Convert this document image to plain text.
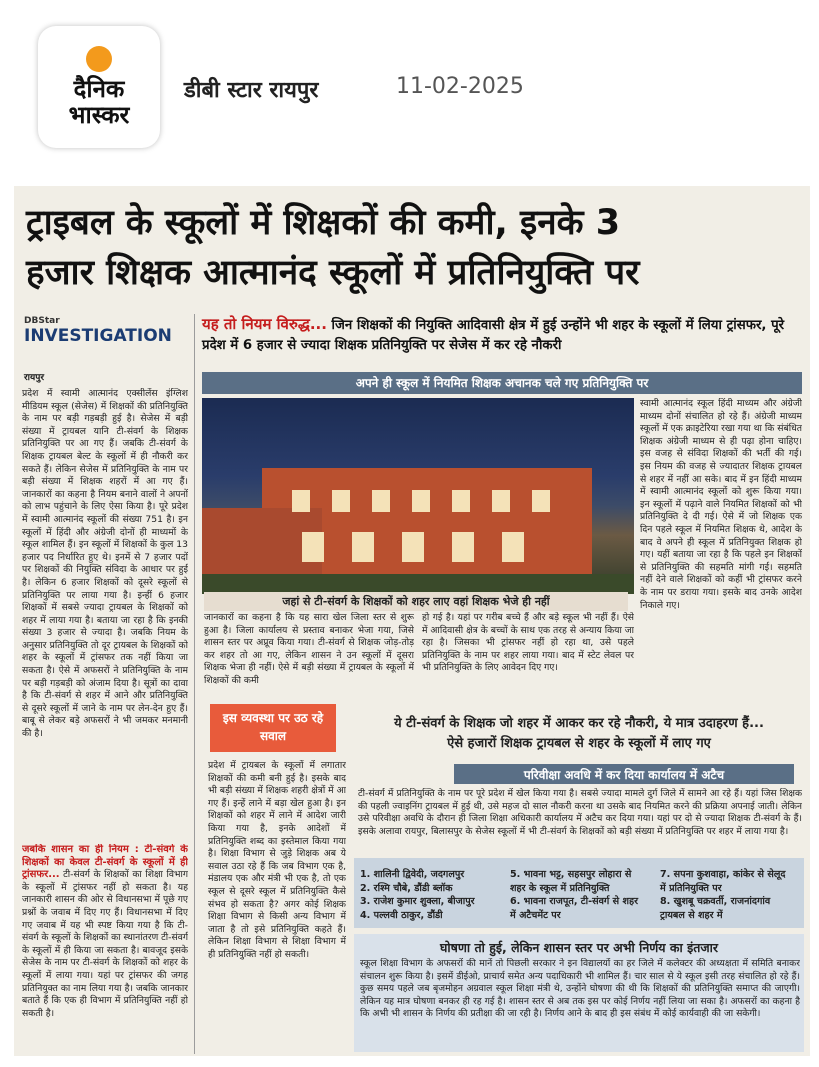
दैनिक
भास्कर
डीबी स्टार रायपुर	11-02-2025
ट्राइबल के स्कूलों में शिक्षकों की कमी, इनके 3
हजार शिक्षक आत्मानंद स्कूलों में प्रतिनियुक्ति पर
DBStar
INVESTIGATION
यह तो नियम विरुद्ध... जिन शिक्षकों की नियुक्ति आदिवासी क्षेत्र में हुई उन्होंने भी शहर के स्कूलों में लिया ट्रांसफर, पूरे प्रदेश में 6 हजार से ज्यादा शिक्षक प्रतिनियुक्ति पर सेजेस में कर रहे नौकरी
रायपुर
प्रदेश में स्वामी आत्मानंद एक्सीलेंस इंग्लिश मीडियम स्कूल (सेजेस) में शिक्षकों की प्रतिनियुक्ति के नाम पर बड़ी गड़बड़ी हुई है। सेजेस में बड़ी संख्या में ट्रायबल यानि टी-संवर्ग के शिक्षक प्रतिनियुक्ति पर आ गए हैं। जबकि टी-संवर्ग के शिक्षक ट्रायबल बेल्ट के स्कूलों में ही नौकरी कर सकते हैं। लेकिन सेजेस में प्रतिनियुक्ति के नाम पर बड़ी संख्या में शिक्षक शहरों में आ गए हैं। जानकारों का कहना है नियम बनाने वालों ने अपनों को लाभ पहुंचाने के लिए ऐसा किया है। पूरे प्रदेश में स्वामी आत्मानंद स्कूलों की संख्या 751 है। इन स्कूलों में हिंदी और अंग्रेजी दोनों ही माध्यमों के स्कूल शामिल हैं। इन स्कूलों में शिक्षकों के कुल 13 हजार पद निर्धारित हुए थे। इनमें से 7 हजार पदों पर शिक्षकों की नियुक्ति संविदा के आधार पर हुई है। लेकिन 6 हजार शिक्षकों को दूसरे स्कूलों से प्रतिनियुक्ति पर लाया गया है। इन्हीं 6 हजार शिक्षकों में सबसे ज्यादा ट्रायबल के शिक्षकों को शहर में लाया गया है। बताया जा रहा है कि इनकी संख्या 3 हजार से ज्यादा है। जबकि नियम के अनुसार प्रतिनियुक्ति तो दूर ट्रायबल के शिक्षकों को शहर के स्कूलों में ट्रांसफर तक नहीं किया जा सकता है। ऐसे में अफसरों ने प्रतिनियुक्ति के नाम पर बड़ी गड़बड़ी को अंजाम दिया है। सूत्रों का दावा है कि टी-संवर्ग से शहर में आने और प्रतिनियुक्ति से दूसरे स्कूलों में जाने के नाम पर लेन-देन हुए हैं। बाबू से लेकर बड़े अफसरों ने भी जमकर मनमानी की है।
जबकि शासन का ही नियम : टी-संवर्ग के शिक्षकों का केवल टी-संवर्ग के स्कूलों में ही ट्रांसफर... टी-संवर्ग के शिक्षकों का शिक्षा विभाग के स्कूलों में ट्रांसफर नहीं हो सकता है। यह जानकारी शासन की ओर से विधानसभा में पूछे गए प्रश्नों के जवाब में दिए गए हैं। विधानसभा में दिए गए जवाब में यह भी स्पष्ट किया गया है कि टी-संवर्ग के स्कूलों के शिक्षकों का स्थानांतरण टी-संवर्ग के स्कूलों में ही किया जा सकता है। बावजूद इसके सेजेस के नाम पर टी-संवर्ग के शिक्षकों को शहर के स्कूलों में लाया गया। यहां पर ट्रांसफर की जगह प्रतिनियुक्त का नाम लिया गया है। जबकि जानकार बताते हैं कि एक ही विभाग में प्रतिनियुक्ति नहीं हो सकती है।
अपने ही स्कूल में नियमित शिक्षक अचानक चले गए प्रतिनियुक्ति पर
जहां से टी-संवर्ग के शिक्षकों को शहर लाए वहां शिक्षक भेजे ही नहीं
स्वामी आत्मानंद स्कूल हिंदी माध्यम और अंग्रेजी माध्यम दोनों संचालित हो रहे हैं। अंग्रेजी माध्यम स्कूलों में एक क्राइटेरिया रखा गया था कि संबंधित शिक्षक अंग्रेजी माध्यम से ही पढ़ा होना चाहिए। इस वजह से संविदा शिक्षकों की भर्ती की गई। इस नियम की वजह से ज्यादातर शिक्षक ट्रायबल से शहर में नहीं आ सके। बाद में इन हिंदी माध्यम में स्वामी आत्मानंद स्कूलों को शुरू किया गया। इन स्कूलों में पढ़ाने वाले नियमित शिक्षकों को भी प्रतिनियुक्ति दे दी गई। ऐसे में जो शिक्षक एक दिन पहले स्कूल में नियमित शिक्षक थे, आदेश के बाद वे अपने ही स्कूल में प्रतिनियुक्त शिक्षक हो गए। यहीं बताया जा रहा है कि पहले इन शिक्षकों से प्रतिनियुक्ति की सहमति मांगी गई। सहमति नहीं देने वाले शिक्षकों को कहीं भी ट्रांसफर करने के नाम पर डराया गया। इसके बाद उनके आदेश निकाले गए।
जानकारों का कहना है कि यह सारा खेल जिला स्तर से शुरू हुआ है। जिला कार्यालय से प्रस्ताव बनाकर भेजा गया, जिसे शासन स्तर पर अप्रूव किया गया। टी-संवर्ग से शिक्षक जोड़-तोड़ कर शहर तो आ गए, लेकिन शासन ने उन स्कूलों में दूसरा शिक्षक भेजा ही नहीं। ऐसे में बड़ी संख्या में ट्रायबल के स्कूलों में शिक्षकों की कमी
हो गई है। यहां पर गरीब बच्चे हैं और बड़े स्कूल भी नहीं हैं। ऐसे में आदिवासी क्षेत्र के बच्चों के साथ एक तरह से अन्याय किया जा रहा है। जिसका भी ट्रांसफर नहीं हो रहा था, उसे पहले प्रतिनियुक्ति के नाम पर शहर लाया गया। बाद में स्टेट लेवल पर भी प्रतिनियुक्ति के लिए आवेदन दिए गए।
इस व्यवस्था पर उठ रहे सवाल
प्रदेश में ट्रायबल के स्कूलों में लगातार शिक्षकों की कमी बनी हुई है। इसके बाद भी बड़ी संख्या में शिक्षक शहरी क्षेत्रों में आ गए हैं। इन्हें लाने में बड़ा खेल हुआ है। इन शिक्षकों को शहर में लाने में आदेश जारी किया गया है, इनके आदेशों में प्रतिनियुक्ति शब्द का इस्तेमाल किया गया है। शिक्षा विभाग से जुड़े शिक्षक अब ये सवाल उठा रहे हैं कि जब विभाग एक है, मंडालय एक और मंत्री भी एक है, तो एक स्कूल से दूसरे स्कूल में प्रतिनियुक्ति कैसे संभव हो सकता है? अगर कोई शिक्षक शिक्षा विभाग से किसी अन्य विभाग में जाता है तो इसे प्रतिनियुक्ति कहते हैं। लेकिन शिक्षा विभाग से शिक्षा विभाग में ही प्रतिनियुक्ति नहीं हो सकती।
ये टी-संवर्ग के शिक्षक जो शहर में आकर कर रहे नौकरी, ये मात्र उदाहरण हैं...
ऐसे हजारों शिक्षक ट्रायबल से शहर के स्कूलों में लाए गए
परिवीक्षा अवधि में कर दिया कार्यालय में अटैच
टी-संवर्ग में प्रतिनियुक्ति के नाम पर पूरे प्रदेश में खेल किया गया है। सबसे ज्यादा मामले दुर्ग जिले में सामने आ रहे हैं। यहां जिस शिक्षक की पहली ज्वाइनिंग ट्रायबल में हुई थी, उसे महज दो साल नौकरी करना था उसके बाद नियमित करने की प्रक्रिया अपनाई जाती। लेकिन उसे परिवीक्षा अवधि के दौरान ही जिला शिक्षा अधिकारी कार्यालय में अटैच कर दिया गया। यहां पर दो से ज्यादा शिक्षक टी-संवर्ग के हैं। इसके अलावा रायपुर, बिलासपुर के सेजेस स्कूलों में भी टी-संवर्ग के शिक्षकों को बड़ी संख्या में प्रतिनियुक्ति पर शहर में लाया गया है।
1. शालिनी द्विवेदी, जदगलपुर
2. रश्मि चौबे, डौंडी ब्लॉक
3. राजेश कुमार शुक्ला, बीजापुर
4. पल्लवी ठाकुर, डौंडी
5. भावना भट्ट, सहसपुर लोहारा से
शहर के स्कूल में प्रतिनियुक्ति
6. भावना राजपूत, टी-संवर्ग से शहर
में अटैचमेंट पर
7. सपना कुशवाहा, कांकेर से सेलूद
में प्रतिनियुक्ति पर
8. खुशबू चक्रवर्ती, राजनांदगांव
ट्रायबल से शहर में
घोषणा तो हुई, लेकिन शासन स्तर पर अभी निर्णय का इंतजार
स्कूल शिक्षा विभाग के अफसरों की मानें तो पिछली सरकार ने इन विद्यालयों का हर जिले में कलेक्टर की अध्यक्षता में समिति बनाकर संचालन शुरू किया है। इसमें डीईओ, प्राचार्य समेत अन्य पदाधिकारी भी शामिल हैं। चार साल से ये स्कूल इसी तरह संचालित हो रहे हैं। कुछ समय पहले जब बृजमोहन अग्रवाल स्कूल शिक्षा मंत्री थे, उन्होंने घोषणा की थी कि शिक्षकों की प्रतिनियुक्ति समाप्त की जाएगी। लेकिन यह मात्र घोषणा बनकर ही रह गई है। शासन स्तर से अब तक इस पर कोई निर्णय नहीं लिया जा सका है। अफसरों का कहना है कि अभी भी शासन के निर्णय की प्रतीक्षा की जा रही है। निर्णय आने के बाद ही इस संबंध में कोई कार्यवाही की जा सकेगी।
